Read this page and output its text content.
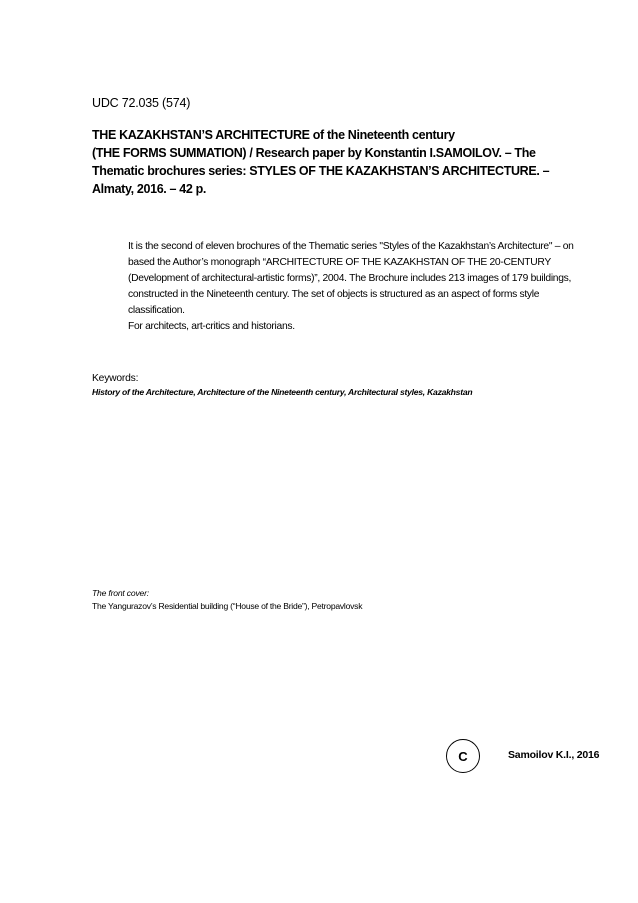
UDC 72.035 (574)
THE KAZAKHSTAN’S ARCHITECTURE of the Nineteenth century
(THE FORMS SUMMATION) / Research paper by Konstantin I.SAMOILOV. – The
Thematic brochures series: STYLES OF THE KAZAKHSTAN’S ARCHITECTURE. –
Almaty, 2016. – 42 p.

It is the second of eleven brochures of the Thematic series "Styles of the Kazakhstan’s Architecture" – on based the Author’s monograph “ARCHITECTURE OF THE KAZAKHSTAN OF THE 20-CENTURY (Development of architectural-artistic forms)”, 2004. The Brochure includes 213 images of 179 buildings, constructed in the Nineteenth century. The set of objects is structured as an aspect of forms style classification.

For architects, art-critics and historians.

Keywords:
History of the Architecture, Architecture of the Nineteenth century, Architectural styles, Kazakhstan
The front cover:
The Yangurazov’s Residential building (“House of the Bride”), Petropavlovsk
C	Samoilov K.I., 2016
